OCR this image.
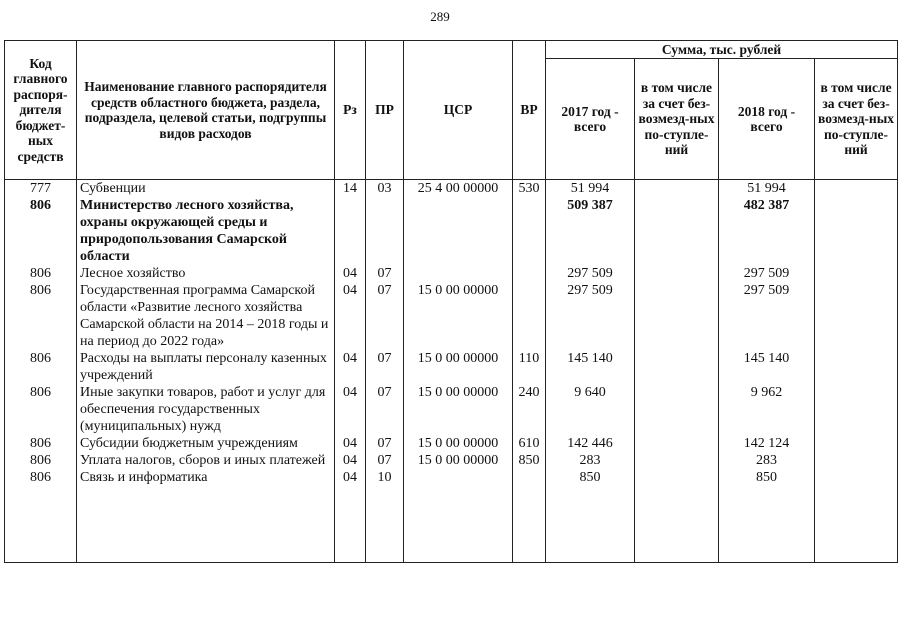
289
Код главного распоря-дителя бюджет-ных средств	Наименование главного распорядителя средств областного бюджета, раздела, подраздела, целевой статьи, подгруппы видов расходов	Рз	ПР	ЦСР	ВР	Сумма, тыс. рублей			
						2017 год - всего	в том числе за счет без-возмезд-ных по-ступле-ний	2018 год - всего	в том числе за счет без-возмезд-ных по-ступле-ний
777	Субвенции	14	03	25 4 00 00000	530	51 994		51 994	
806	Министерство лесного хозяйства, охраны окружающей среды и природопользования Самарской области					509 387		482 387	
806	Лесное хозяйство	04	07			297 509		297 509	
806	Государственная программа Самарской области «Развитие лесного хозяйства Самарской области на 2014 – 2018 годы и на период до 2022 года»	04	07	15 0 00 00000		297 509		297 509	
806	Расходы на выплаты персоналу казенных учреждений	04	07	15 0 00 00000	110	145 140		145 140	
806	Иные закупки товаров, работ и услуг для обеспечения государственных (муниципальных) нужд	04	07	15 0 00 00000	240	9 640		9 962	
806	Субсидии бюджетным учреждениям	04	07	15 0 00 00000	610	142 446		142 124	
806	Уплата налогов, сборов и иных платежей	04	07	15 0 00 00000	850	283		283	
806	Связь и информатика	04	10			850		850	
